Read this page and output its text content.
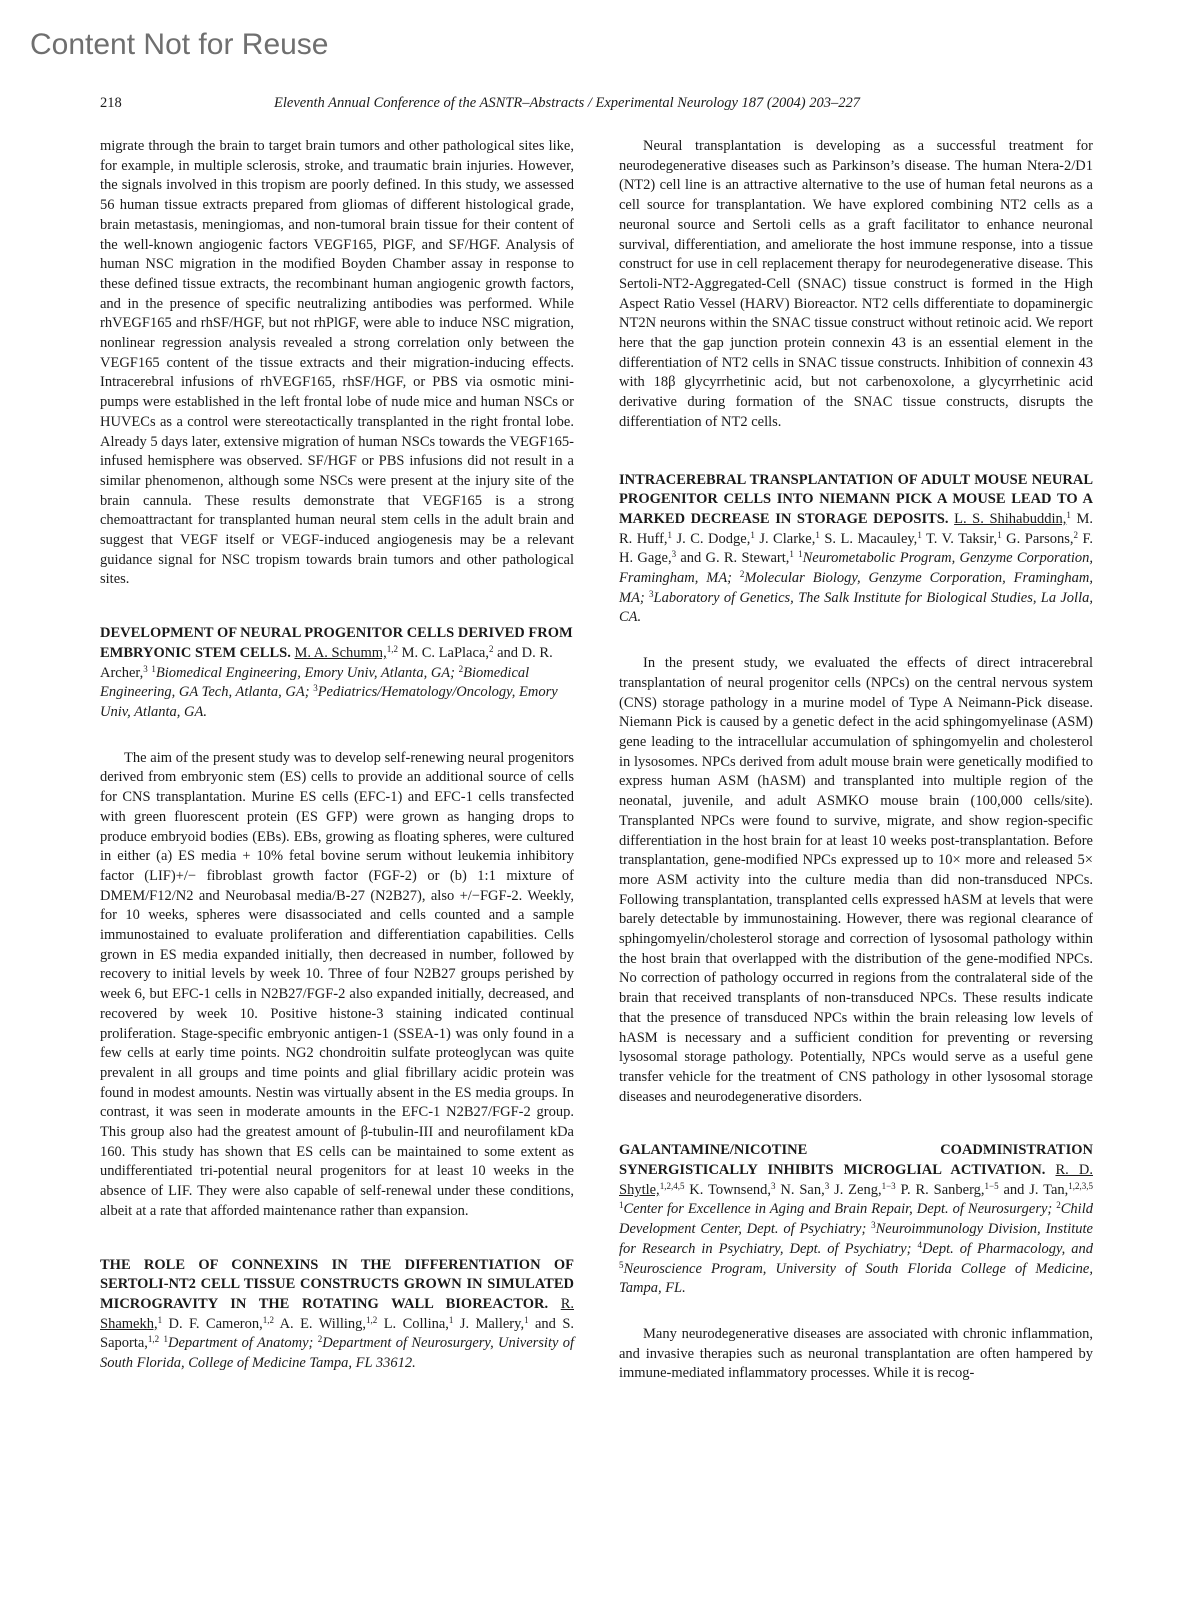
Content Not for Reuse
218	Eleventh Annual Conference of the ASNTR–Abstracts / Experimental Neurology 187 (2004) 203–227

migrate through the brain to target brain tumors and other pathological sites like, for example, in multiple sclerosis, stroke, and traumatic brain injuries. However, the signals involved in this tropism are poorly defined. In this study, we assessed 56 human tissue extracts prepared from gliomas of different histological grade, brain metastasis, meningiomas, and non-tumoral brain tissue for their content of the well-known angiogenic factors VEGF165, PlGF, and SF/HGF. Analysis of human NSC migration in the modified Boyden Chamber assay in response to these defined tissue extracts, the recombinant human angiogenic growth factors, and in the presence of specific neutralizing antibodies was performed. While rhVEGF165 and rhSF/HGF, but not rhPlGF, were able to induce NSC migration, nonlinear regression analysis revealed a strong correlation only between the VEGF165 content of the tissue extracts and their migration-inducing effects. Intracerebral infusions of rhVEGF165, rhSF/HGF, or PBS via osmotic mini-pumps were established in the left frontal lobe of nude mice and human NSCs or HUVECs as a control were stereotactically transplanted in the right frontal lobe. Already 5 days later, extensive migration of human NSCs towards the VEGF165-infused hemisphere was observed. SF/HGF or PBS infusions did not result in a similar phenomenon, although some NSCs were present at the injury site of the brain cannula. These results demonstrate that VEGF165 is a strong chemoattractant for transplanted human neural stem cells in the adult brain and suggest that VEGF itself or VEGF-induced angiogenesis may be a relevant guidance signal for NSC tropism towards brain tumors and other pathological sites.

DEVELOPMENT OF NEURAL PROGENITOR CELLS DERIVED FROM EMBRYONIC STEM CELLS. M. A. Schumm,$^{1,2}$ M. C. LaPlaca,$^2$ and D. R. Archer,$^3$ $^1$Biomedical Engineering, Emory Univ, Atlanta, GA; $^2$Biomedical Engineering, GA Tech, Atlanta, GA; $^3$Pediatrics/Hematology/Oncology, Emory Univ, Atlanta, GA.

The aim of the present study was to develop self-renewing neural progenitors derived from embryonic stem (ES) cells to provide an additional source of cells for CNS transplantation. Murine ES cells (EFC-1) and EFC-1 cells transfected with green fluorescent protein (ES GFP) were grown as hanging drops to produce embryoid bodies (EBs). EBs, growing as floating spheres, were cultured in either (a) ES media + 10% fetal bovine serum without leukemia inhibitory factor (LIF)+/− fibroblast growth factor (FGF-2) or (b) 1:1 mixture of DMEM/F12/N2 and Neurobasal media/B-27 (N2B27), also +/−FGF-2. Weekly, for 10 weeks, spheres were disassociated and cells counted and a sample immunostained to evaluate proliferation and differentiation capabilities. Cells grown in ES media expanded initially, then decreased in number, followed by recovery to initial levels by week 10. Three of four N2B27 groups perished by week 6, but EFC-1 cells in N2B27/FGF-2 also expanded initially, decreased, and recovered by week 10. Positive histone-3 staining indicated continual proliferation. Stage-specific embryonic antigen-1 (SSEA-1) was only found in a few cells at early time points. NG2 chondroitin sulfate proteoglycan was quite prevalent in all groups and time points and glial fibrillary acidic protein was found in modest amounts. Nestin was virtually absent in the ES media groups. In contrast, it was seen in moderate amounts in the EFC-1 N2B27/FGF-2 group. This group also had the greatest amount of β-tubulin-III and neurofilament kDa 160. This study has shown that ES cells can be maintained to some extent as undifferentiated tri-potential neural progenitors for at least 10 weeks in the absence of LIF. They were also capable of self-renewal under these conditions, albeit at a rate that afforded maintenance rather than expansion.

THE ROLE OF CONNEXINS IN THE DIFFERENTIATION OF SERTOLI-NT2 CELL TISSUE CONSTRUCTS GROWN IN SIMULATED MICROGRAVITY IN THE ROTATING WALL BIOREACTOR. R. Shamekh,$^1$ D. F. Cameron,$^{1,2}$ A. E. Willing,$^{1,2}$ L. Collina,$^1$ J. Mallery,$^1$ and S. Saporta,$^{1,2}$ $^1$Department of Anatomy; $^2$Department of Neurosurgery, University of South Florida, College of Medicine Tampa, FL 33612.

Neural transplantation is developing as a successful treatment for neurodegenerative diseases such as Parkinson’s disease. The human Ntera-2/D1 (NT2) cell line is an attractive alternative to the use of human fetal neurons as a cell source for transplantation. We have explored combining NT2 cells as a neuronal source and Sertoli cells as a graft facilitator to enhance neuronal survival, differentiation, and ameliorate the host immune response, into a tissue construct for use in cell replacement therapy for neurodegenerative disease. This Sertoli-NT2-Aggregated-Cell (SNAC) tissue construct is formed in the High Aspect Ratio Vessel (HARV) Bioreactor. NT2 cells differentiate to dopaminergic NT2N neurons within the SNAC tissue construct without retinoic acid. We report here that the gap junction protein connexin 43 is an essential element in the differentiation of NT2 cells in SNAC tissue constructs. Inhibition of connexin 43 with 18β glycyrrhetinic acid, but not carbenoxolone, a glycyrrhetinic acid derivative during formation of the SNAC tissue constructs, disrupts the differentiation of NT2 cells.

INTRACEREBRAL TRANSPLANTATION OF ADULT MOUSE NEURAL PROGENITOR CELLS INTO NIEMANN PICK A MOUSE LEAD TO A MARKED DECREASE IN STORAGE DEPOSITS. L. S. Shihabuddin,$^1$ M. R. Huff,$^1$ J. C. Dodge,$^1$ J. Clarke,$^1$ S. L. Macauley,$^1$ T. V. Taksir,$^1$ G. Parsons,$^2$ F. H. Gage,$^3$ and G. R. Stewart,$^1$ $^1$Neurometabolic Program, Genzyme Corporation, Framingham, MA; $^2$Molecular Biology, Genzyme Corporation, Framingham, MA; $^3$Laboratory of Genetics, The Salk Institute for Biological Studies, La Jolla, CA.

In the present study, we evaluated the effects of direct intracerebral transplantation of neural progenitor cells (NPCs) on the central nervous system (CNS) storage pathology in a murine model of Type A Neimann-Pick disease. Niemann Pick is caused by a genetic defect in the acid sphingomyelinase (ASM) gene leading to the intracellular accumulation of sphingomyelin and cholesterol in lysosomes. NPCs derived from adult mouse brain were genetically modified to express human ASM (hASM) and transplanted into multiple region of the neonatal, juvenile, and adult ASMKO mouse brain (100,000 cells/site). Transplanted NPCs were found to survive, migrate, and show region-specific differentiation in the host brain for at least 10 weeks post-transplantation. Before transplantation, gene-modified NPCs expressed up to 10× more and released 5× more ASM activity into the culture media than did non-transduced NPCs. Following transplantation, transplanted cells expressed hASM at levels that were barely detectable by immunostaining. However, there was regional clearance of sphingomyelin/cholesterol storage and correction of lysosomal pathology within the host brain that overlapped with the distribution of the gene-modified NPCs. No correction of pathology occurred in regions from the contralateral side of the brain that received transplants of non-transduced NPCs. These results indicate that the presence of transduced NPCs within the brain releasing low levels of hASM is necessary and a sufficient condition for preventing or reversing lysosomal storage pathology. Potentially, NPCs would serve as a useful gene transfer vehicle for the treatment of CNS pathology in other lysosomal storage diseases and neurodegenerative disorders.

GALANTAMINE/NICOTINE COADMINISTRATION SYNERGISTICALLY INHIBITS MICROGLIAL ACTIVATION. R. D. Shytle,$^{1,2,4,5}$ K. Townsend,$^3$ N. San,$^3$ J. Zeng,$^{1-3}$ P. R. Sanberg,$^{1-5}$ and J. Tan,$^{1,2,3,5}$ $^1$Center for Excellence in Aging and Brain Repair, Dept. of Neurosurgery; $^2$Child Development Center, Dept. of Psychiatry; $^3$Neuroimmunology Division, Institute for Research in Psychiatry, Dept. of Psychiatry; $^4$Dept. of Pharmacology, and $^5$Neuroscience Program, University of South Florida College of Medicine, Tampa, FL.

Many neurodegenerative diseases are associated with chronic inflammation, and invasive therapies such as neuronal transplantation are often hampered by immune-mediated inflammatory processes. While it is recog-
